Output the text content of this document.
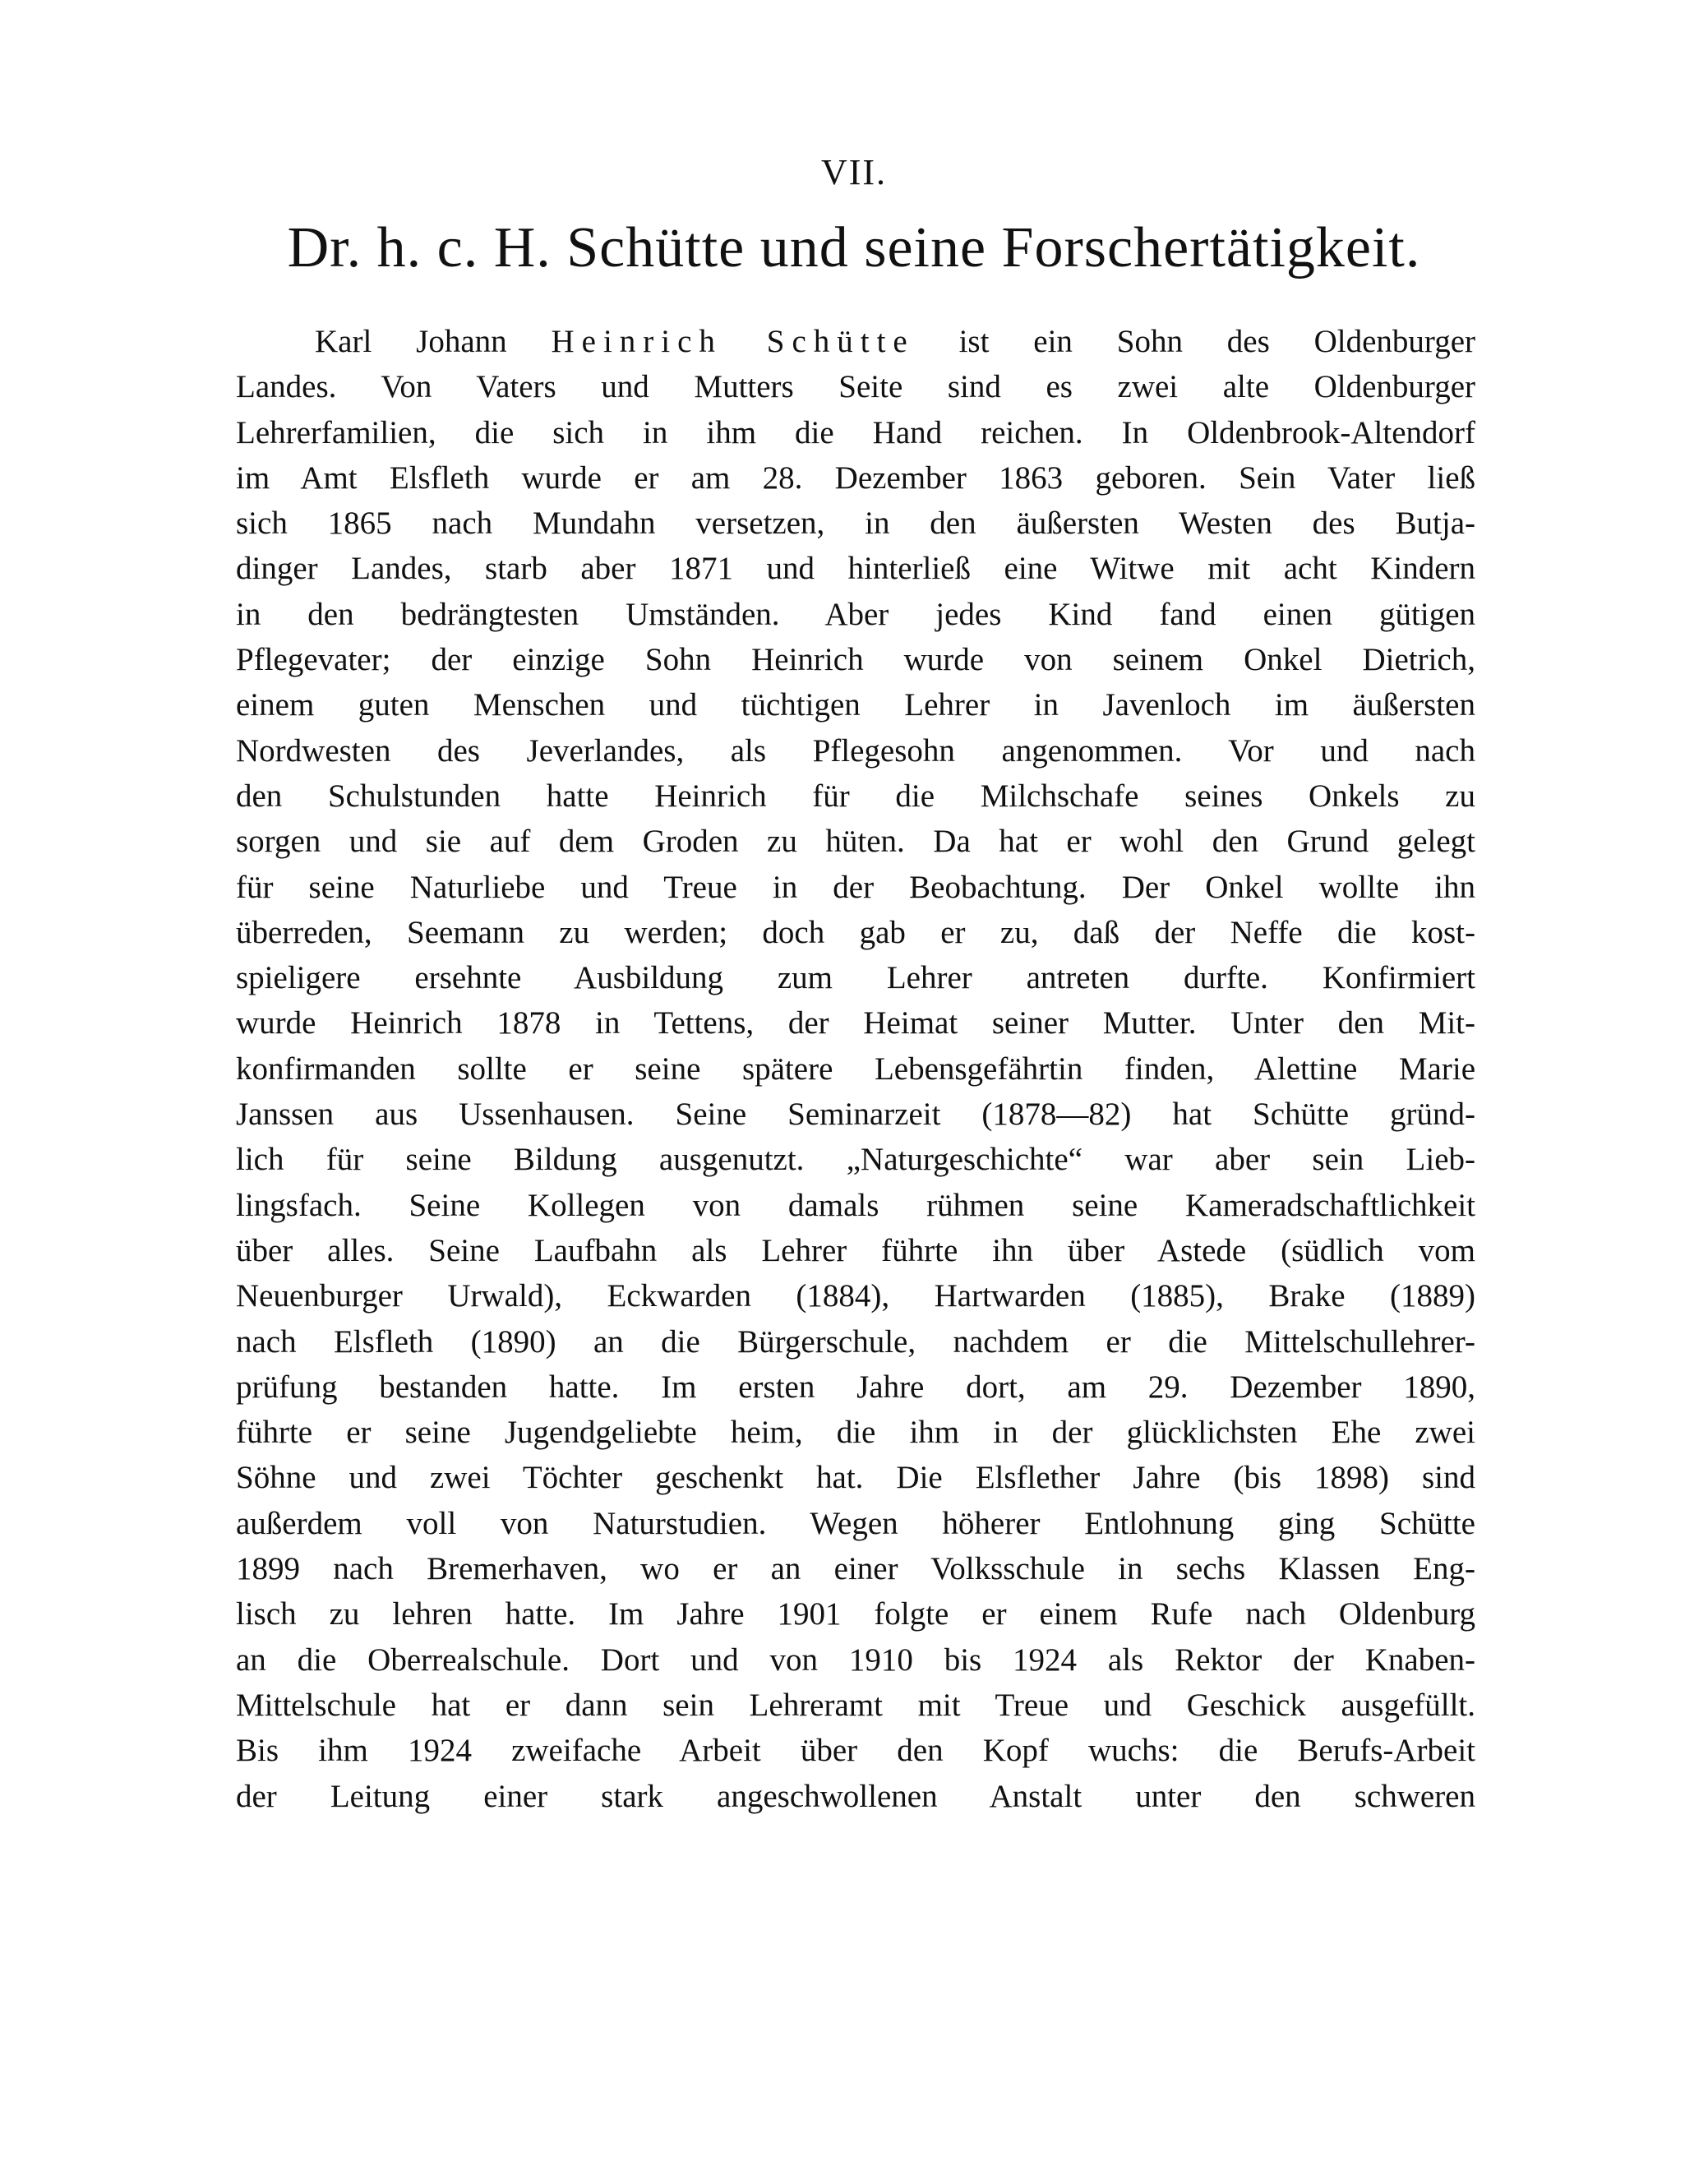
VII.
Dr. h. c. H. Schütte und seine Forschertätigkeit.
Karl Johann Heinrich Schütte ist ein Sohn des Oldenburger
Landes. Von Vaters und Mutters Seite sind es zwei alte Oldenburger
Lehrerfamilien, die sich in ihm die Hand reichen. In Oldenbrook-Altendorf
im Amt Elsfleth wurde er am 28. Dezember 1863 geboren. Sein Vater ließ
sich 1865 nach Mundahn versetzen, in den äußersten Westen des Butja-
dinger Landes, starb aber 1871 und hinterließ eine Witwe mit acht Kindern
in den bedrängtesten Umständen. Aber jedes Kind fand einen gütigen
Pflegevater; der einzige Sohn Heinrich wurde von seinem Onkel Dietrich,
einem guten Menschen und tüchtigen Lehrer in Javenloch im äußersten
Nordwesten des Jeverlandes, als Pflegesohn angenommen. Vor und nach
den Schulstunden hatte Heinrich für die Milchschafe seines Onkels zu
sorgen und sie auf dem Groden zu hüten. Da hat er wohl den Grund gelegt
für seine Naturliebe und Treue in der Beobachtung. Der Onkel wollte ihn
überreden, Seemann zu werden; doch gab er zu, daß der Neffe die kost-
spieligere ersehnte Ausbildung zum Lehrer antreten durfte. Konfirmiert
wurde Heinrich 1878 in Tettens, der Heimat seiner Mutter. Unter den Mit-
konfirmanden sollte er seine spätere Lebensgefährtin finden, Alettine Marie
Janssen aus Ussenhausen. Seine Seminarzeit (1878—82) hat Schütte gründ-
lich für seine Bildung ausgenutzt. „Naturgeschichte“ war aber sein Lieb-
lingsfach. Seine Kollegen von damals rühmen seine Kameradschaftlichkeit
über alles. Seine Laufbahn als Lehrer führte ihn über Astede (südlich vom
Neuenburger Urwald), Eckwarden (1884), Hartwarden (1885), Brake (1889)
nach Elsfleth (1890) an die Bürgerschule, nachdem er die Mittelschullehrer-
prüfung bestanden hatte. Im ersten Jahre dort, am 29. Dezember 1890,
führte er seine Jugendgeliebte heim, die ihm in der glücklichsten Ehe zwei
Söhne und zwei Töchter geschenkt hat. Die Elsflether Jahre (bis 1898) sind
außerdem voll von Naturstudien. Wegen höherer Entlohnung ging Schütte
1899 nach Bremerhaven, wo er an einer Volksschule in sechs Klassen Eng-
lisch zu lehren hatte. Im Jahre 1901 folgte er einem Rufe nach Oldenburg
an die Oberrealschule. Dort und von 1910 bis 1924 als Rektor der Knaben-
Mittelschule hat er dann sein Lehreramt mit Treue und Geschick ausgefüllt.
Bis ihm 1924 zweifache Arbeit über den Kopf wuchs: die Berufs-Arbeit
der Leitung einer stark angeschwollenen Anstalt unter den schweren
